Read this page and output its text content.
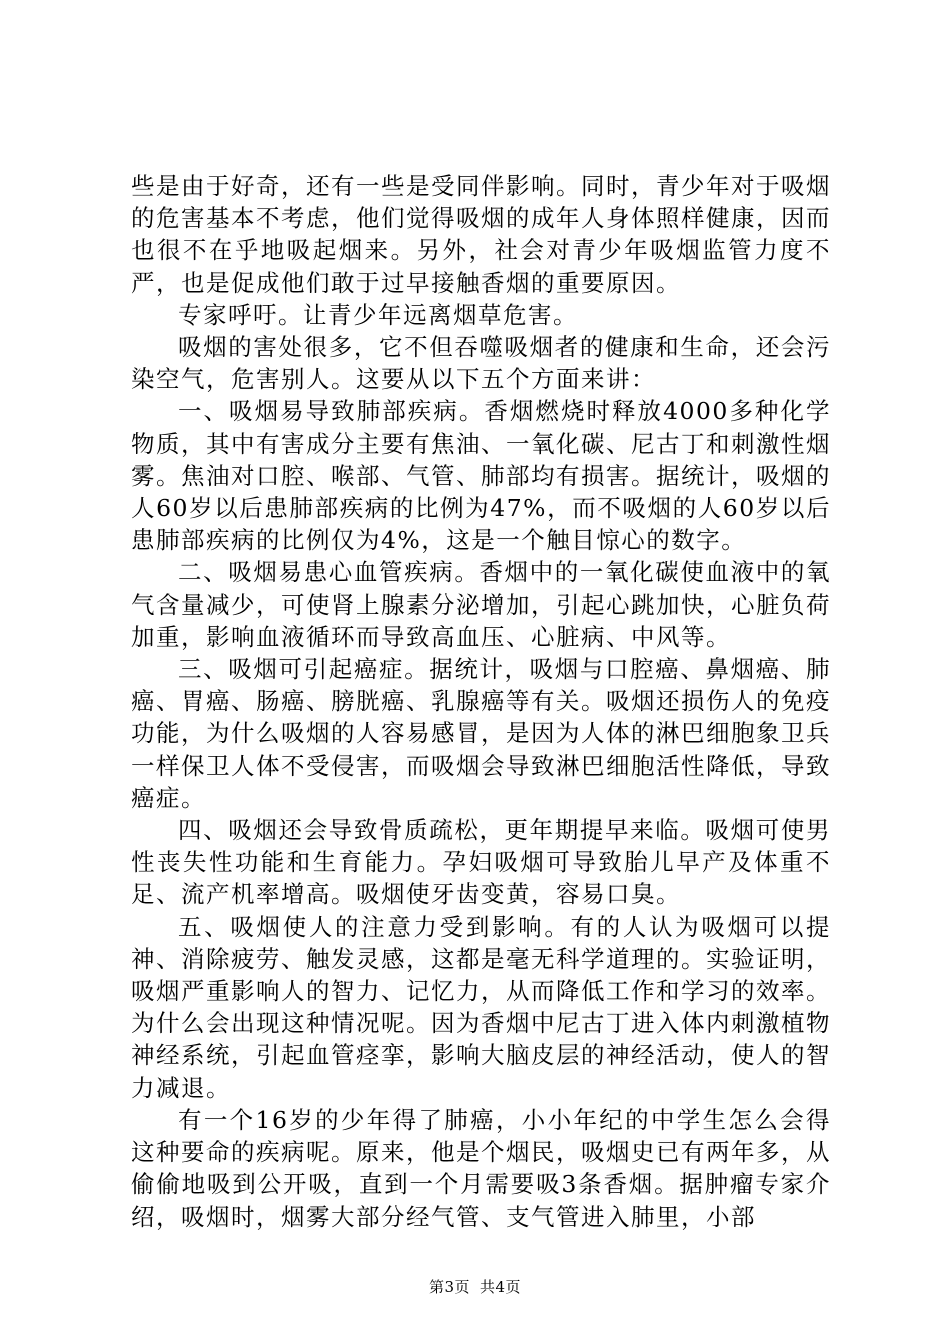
些是由于好奇，还有一些是受同伴影响。同时，青少年对于吸烟的危害基本不考虑，他们觉得吸烟的成年人身体照样健康，因而也很不在乎地吸起烟来。另外，社会对青少年吸烟监管力度不严，也是促成他们敢于过早接触香烟的重要原因。

专家呼吁。让青少年远离烟草危害。

吸烟的害处很多，它不但吞噬吸烟者的健康和生命，还会污染空气，危害别人。这要从以下五个方面来讲：

一、吸烟易导致肺部疾病。香烟燃烧时释放4000多种化学物质，其中有害成分主要有焦油、一氧化碳、尼古丁和刺激性烟雾。焦油对口腔、喉部、气管、肺部均有损害。据统计，吸烟的人60岁以后患肺部疾病的比例为47%，而不吸烟的人60岁以后患肺部疾病的比例仅为4%，这是一个触目惊心的数字。

二、吸烟易患心血管疾病。香烟中的一氧化碳使血液中的氧气含量减少，可使肾上腺素分泌增加，引起心跳加快，心脏负荷加重，影响血液循环而导致高血压、心脏病、中风等。

三、吸烟可引起癌症。据统计，吸烟与口腔癌、鼻烟癌、肺癌、胃癌、肠癌、膀胱癌、乳腺癌等有关。吸烟还损伤人的免疫功能，为什么吸烟的人容易感冒，是因为人体的淋巴细胞象卫兵一样保卫人体不受侵害，而吸烟会导致淋巴细胞活性降低，导致癌症。

四、吸烟还会导致骨质疏松，更年期提早来临。吸烟可使男性丧失性功能和生育能力。孕妇吸烟可导致胎儿早产及体重不足、流产机率增高。吸烟使牙齿变黄，容易口臭。

五、吸烟使人的注意力受到影响。有的人认为吸烟可以提神、消除疲劳、触发灵感，这都是毫无科学道理的。实验证明，吸烟严重影响人的智力、记忆力，从而降低工作和学习的效率。为什么会出现这种情况呢。因为香烟中尼古丁进入体内刺激植物神经系统，引起血管痉挛，影响大脑皮层的神经活动，使人的智力减退。

有一个16岁的少年得了肺癌，小小年纪的中学生怎么会得这种要命的疾病呢。原来，他是个烟民，吸烟史已有两年多，从偷偷地吸到公开吸，直到一个月需要吸3条香烟。据肿瘤专家介绍，吸烟时，烟雾大部分经气管、支气管进入肺里，小部

第3页 共4页
